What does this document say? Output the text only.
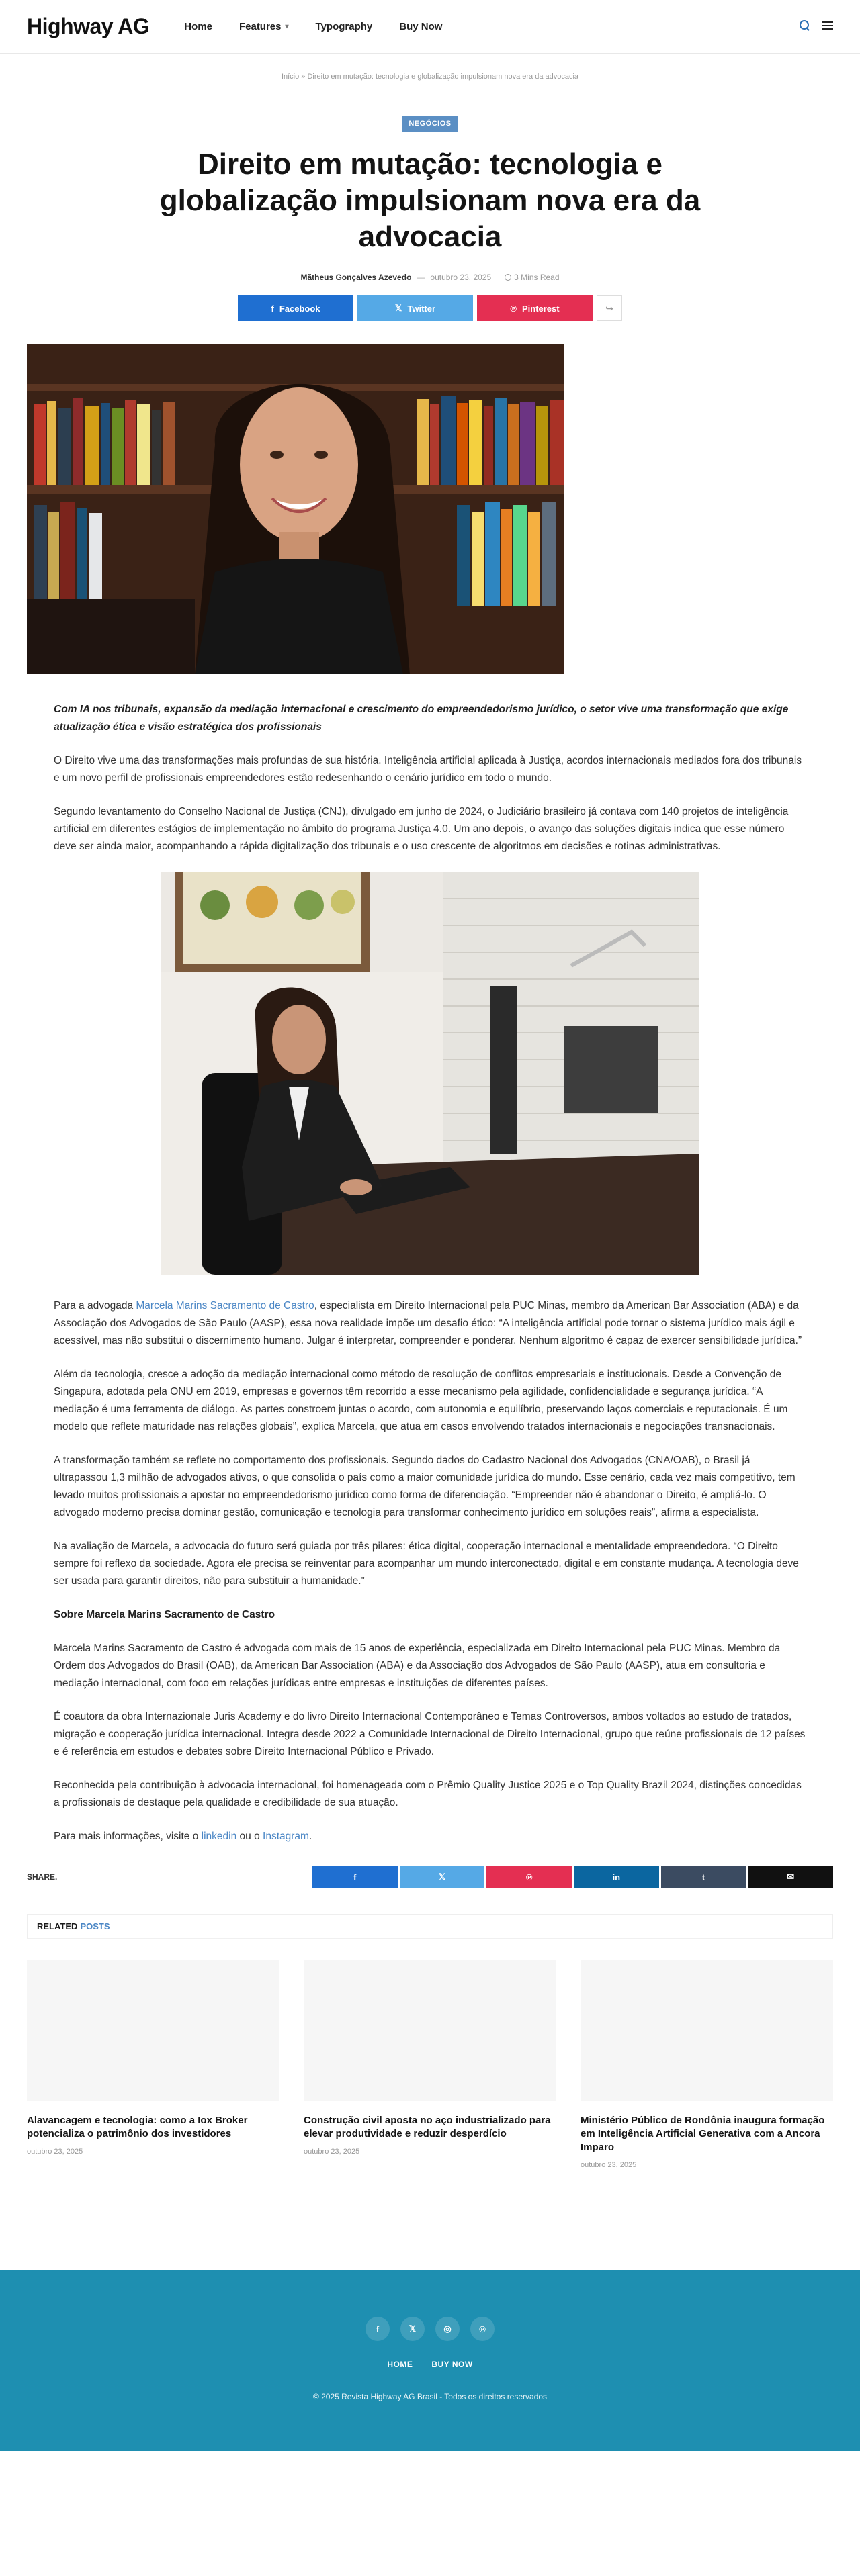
Highway AG	Home	Features ▾	Typography	Buy Now
Início » Direito em mutação: tecnologia e globalização impulsionam nova era da advocacia
NEGÓCIOS
Direito em mutação: tecnologia e globalização impulsionam nova era da advocacia
Mãtheus Gonçalves Azevedo — outubro 23, 2025	3 Mins Read
f Facebook	𝕏 Twitter	℗ Pinterest	↪

Com IA nos tribunais, expansão da mediação internacional e crescimento do empreendedorismo jurídico, o setor vive uma transformação que exige atualização ética e visão estratégica dos profissionais

O Direito vive uma das transformações mais profundas de sua história. Inteligência artificial aplicada à Justiça, acordos internacionais mediados fora dos tribunais e um novo perfil de profissionais empreendedores estão redesenhando o cenário jurídico em todo o mundo.

Segundo levantamento do Conselho Nacional de Justiça (CNJ), divulgado em junho de 2024, o Judiciário brasileiro já contava com 140 projetos de inteligência artificial em diferentes estágios de implementação no âmbito do programa Justiça 4.0. Um ano depois, o avanço das soluções digitais indica que esse número deve ser ainda maior, acompanhando a rápida digitalização dos tribunais e o uso crescente de algoritmos em decisões e rotinas administrativas.

Para a advogada Marcela Marins Sacramento de Castro, especialista em Direito Internacional pela PUC Minas, membro da American Bar Association (ABA) e da Associação dos Advogados de São Paulo (AASP), essa nova realidade impõe um desafio ético: “A inteligência artificial pode tornar o sistema jurídico mais ágil e acessível, mas não substitui o discernimento humano. Julgar é interpretar, compreender e ponderar. Nenhum algoritmo é capaz de exercer sensibilidade jurídica.”

Além da tecnologia, cresce a adoção da mediação internacional como método de resolução de conflitos empresariais e institucionais. Desde a Convenção de Singapura, adotada pela ONU em 2019, empresas e governos têm recorrido a esse mecanismo pela agilidade, confidencialidade e segurança jurídica. “A mediação é uma ferramenta de diálogo. As partes constroem juntas o acordo, com autonomia e equilíbrio, preservando laços comerciais e reputacionais. É um modelo que reflete maturidade nas relações globais”, explica Marcela, que atua em casos envolvendo tratados internacionais e negociações transnacionais.

A transformação também se reflete no comportamento dos profissionais. Segundo dados do Cadastro Nacional dos Advogados (CNA/OAB), o Brasil já ultrapassou 1,3 milhão de advogados ativos, o que consolida o país como a maior comunidade jurídica do mundo. Esse cenário, cada vez mais competitivo, tem levado muitos profissionais a apostar no empreendedorismo jurídico como forma de diferenciação. “Empreender não é abandonar o Direito, é ampliá-lo. O advogado moderno precisa dominar gestão, comunicação e tecnologia para transformar conhecimento jurídico em soluções reais”, afirma a especialista.

Na avaliação de Marcela, a advocacia do futuro será guiada por três pilares: ética digital, cooperação internacional e mentalidade empreendedora. “O Direito sempre foi reflexo da sociedade. Agora ele precisa se reinventar para acompanhar um mundo interconectado, digital e em constante mudança. A tecnologia deve ser usada para garantir direitos, não para substituir a humanidade.”

Sobre Marcela Marins Sacramento de Castro

Marcela Marins Sacramento de Castro é advogada com mais de 15 anos de experiência, especializada em Direito Internacional pela PUC Minas. Membro da Ordem dos Advogados do Brasil (OAB), da American Bar Association (ABA) e da Associação dos Advogados de São Paulo (AASP), atua em consultoria e mediação internacional, com foco em relações jurídicas entre empresas e instituições de diferentes países.

É coautora da obra Internazionale Juris Academy e do livro Direito Internacional Contemporâneo e Temas Controversos, ambos voltados ao estudo de tratados, migração e cooperação jurídica internacional. Integra desde 2022 a Comunidade Internacional de Direito Internacional, grupo que reúne profissionais de 12 países e é referência em estudos e debates sobre Direito Internacional Público e Privado.

Reconhecida pela contribuição à advocacia internacional, foi homenageada com o Prêmio Quality Justice 2025 e o Top Quality Brazil 2024, distinções concedidas a profissionais de destaque pela qualidade e credibilidade de sua atuação.

Para mais informações, visite o linkedin ou o Instagram.

SHARE.	f	𝕏	℗	in	t	✉
RELATED POSTS
Alavancagem e tecnologia: como a Iox Broker potencializa o patrimônio dos investidores
outubro 23, 2025
Construção civil aposta no aço industrializado para elevar produtividade e reduzir desperdício
outubro 23, 2025
Ministério Público de Rondônia inaugura formação em Inteligência Artificial Generativa com a Ancora Imparo
outubro 23, 2025
f	𝕏	◎	℗
HOME BUY NOW
© 2025 Revista Highway AG Brasil - Todos os direitos reservados
